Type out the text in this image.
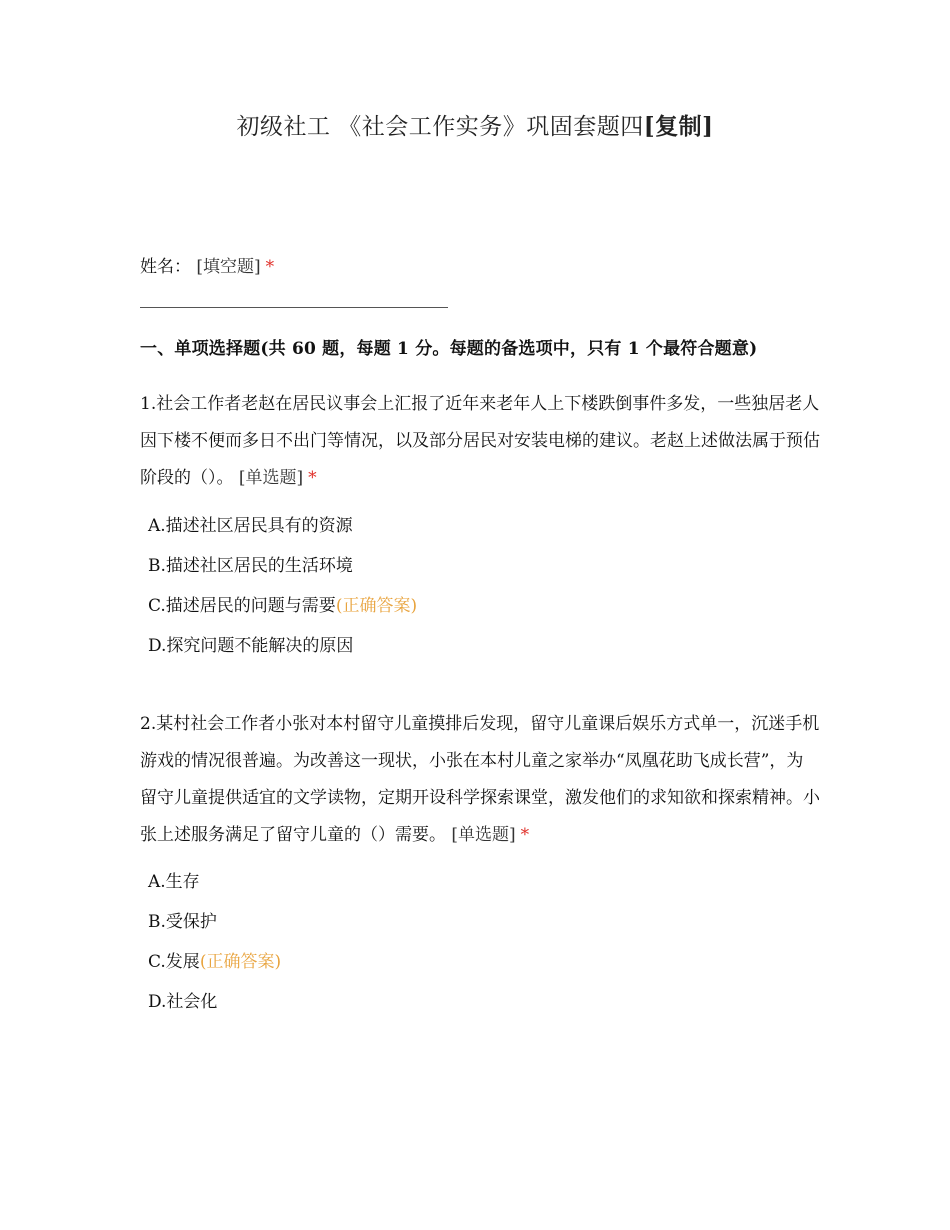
初级社工 《社会工作实务》巩固套题四[复制]
姓名： [填空题] *
一、单项选择题(共 60 题，每题 1 分。每题的备选项中，只有 1 个最符合题意)
1.社会工作者老赵在居民议事会上汇报了近年来老年人上下楼跌倒事件多发，一些独居老人因下楼不便而多日不出门等情况，以及部分居民对安装电梯的建议。老赵上述做法属于预估阶段的（）。 [单选题] *
A.描述社区居民具有的资源
B.描述社区居民的生活环境
C.描述居民的问题与需要(正确答案)
D.探究问题不能解决的原因
2.某村社会工作者小张对本村留守儿童摸排后发现，留守儿童课后娱乐方式单一，沉迷手机游戏的情况很普遍。为改善这一现状，小张在本村儿童之家举办“凤凰花助飞成长营”，为留守儿童提供适宜的文学读物，定期开设科学探索课堂，激发他们的求知欲和探索精神。小张上述服务满足了留守儿童的（）需要。 [单选题] *
A.生存
B.受保护
C.发展(正确答案)
D.社会化
